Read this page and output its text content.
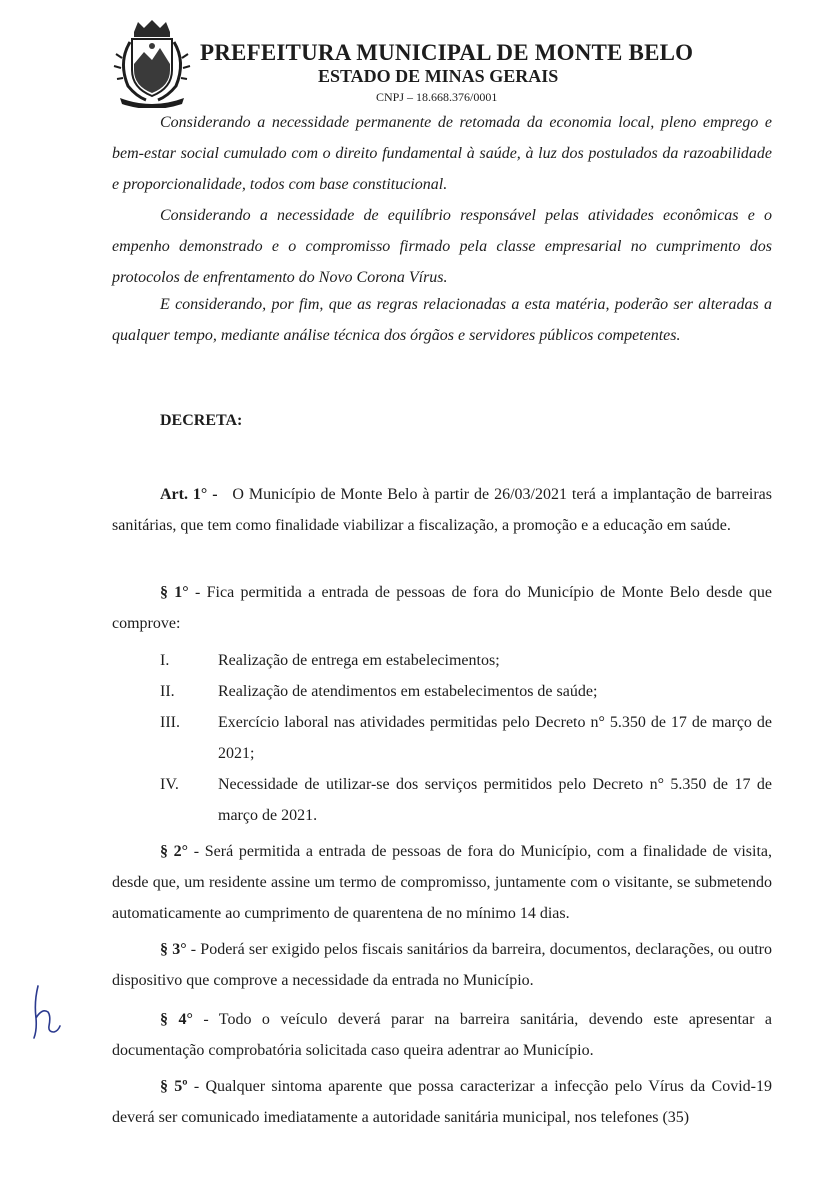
PREFEITURA MUNICIPAL DE MONTE BELO
ESTADO DE MINAS GERAIS
CNPJ – 18.668.376/0001

Considerando a necessidade permanente de retomada da economia local, pleno emprego e bem-estar social cumulado com o direito fundamental à saúde, à luz dos postulados da razoabilidade e proporcionalidade, todos com base constitucional.

Considerando a necessidade de equilíbrio responsável pelas atividades econômicas e o empenho demonstrado e o compromisso firmado pela classe empresarial no cumprimento dos protocolos de enfrentamento do Novo Corona Vírus.

E considerando, por fim, que as regras relacionadas a esta matéria, poderão ser alteradas a qualquer tempo, mediante análise técnica dos órgãos e servidores públicos competentes.

DECRETA:

Art. 1° - O Município de Monte Belo à partir de 26/03/2021 terá a implantação de barreiras sanitárias, que tem como finalidade viabilizar a fiscalização, a promoção e a educação em saúde.

§ 1° - Fica permitida a entrada de pessoas de fora do Município de Monte Belo desde que comprove:

I.	Realização de entrega em estabelecimentos;
II.	Realização de atendimentos em estabelecimentos de saúde;
III.	Exercício laboral nas atividades permitidas pelo Decreto n° 5.350 de 17 de março de 2021;
IV.	Necessidade de utilizar-se dos serviços permitidos pelo Decreto n° 5.350 de 17 de março de 2021.

§ 2° - Será permitida a entrada de pessoas de fora do Município, com a finalidade de visita, desde que, um residente assine um termo de compromisso, juntamente com o visitante, se submetendo automaticamente ao cumprimento de quarentena de no mínimo 14 dias.

§ 3° - Poderá ser exigido pelos fiscais sanitários da barreira, documentos, declarações, ou outro dispositivo que comprove a necessidade da entrada no Município.

§ 4° - Todo o veículo deverá parar na barreira sanitária, devendo este apresentar a documentação comprobatória solicitada caso queira adentrar ao Município.

§ 5º - Qualquer sintoma aparente que possa caracterizar a infecção pelo Vírus da Covid-19 deverá ser comunicado imediatamente a autoridade sanitária municipal, nos telefones (35)
